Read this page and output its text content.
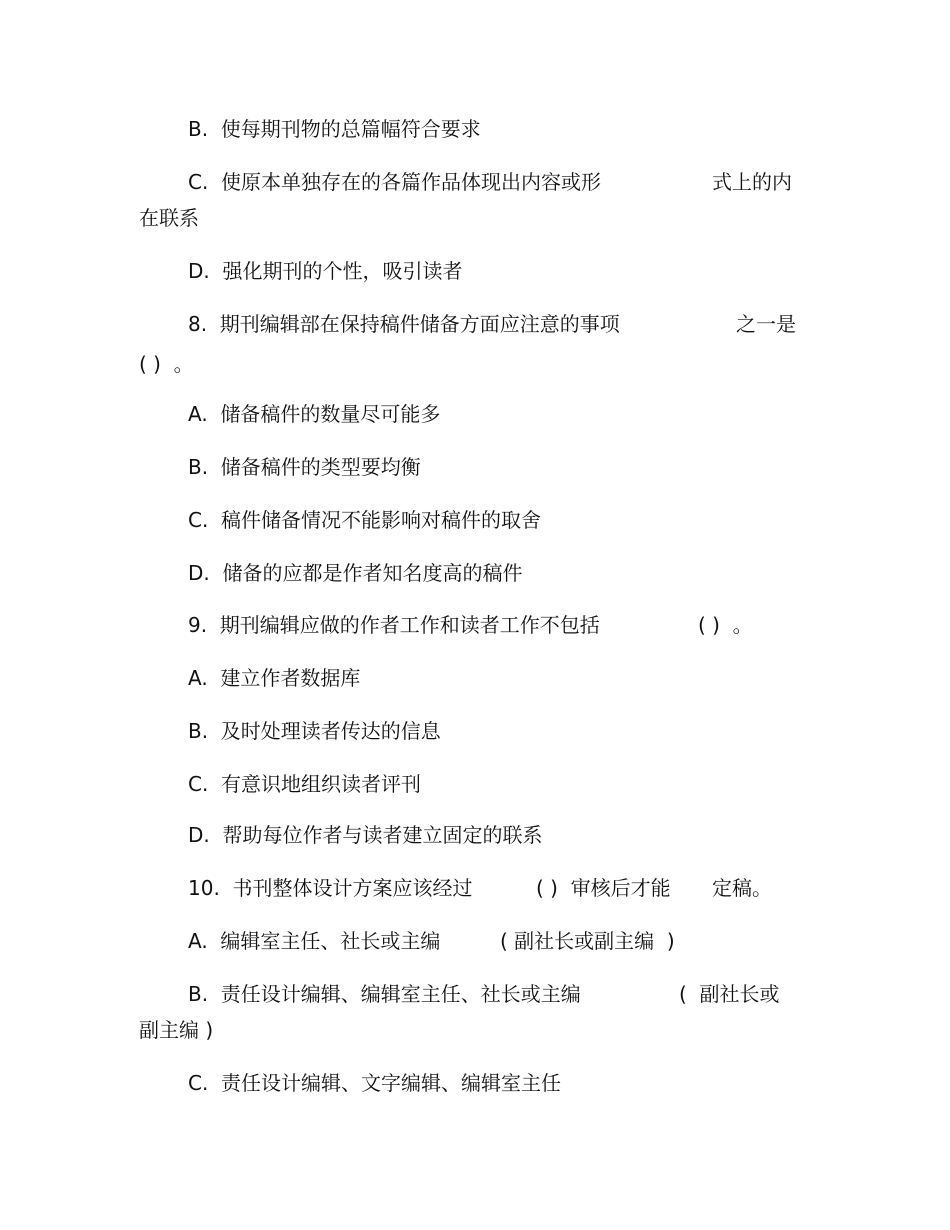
B.  使每期刊物的总篇幅符合要求
C.  使原本单独存在的各篇作品体现出内容或形	式上的内
在联系
D.  强化期刊的个性，吸引读者
8.  期刊编辑部在保持稿件储备方面应注意的事项	之一是
( )  。
A.  储备稿件的数量尽可能多
B.  储备稿件的类型要均衡
C.  稿件储备情况不能影响对稿件的取舍
D.  储备的应都是作者知名度高的稿件
9.  期刊编辑应做的作者工作和读者工作不包括	( )  。
A.  建立作者数据库
B.  及时处理读者传达的信息
C.  有意识地组织读者评刊
D.  帮助每位作者与读者建立固定的联系
10.  书刊整体设计方案应该经过	( )  审核后才能 定稿。
A.  编辑室主任、社长或主编	( 副社长或副主编  )
B.  责任设计编辑、编辑室主任、社长或主编	(  副社长或
副主编 )
C.  责任设计编辑、文字编辑、编辑室主任
